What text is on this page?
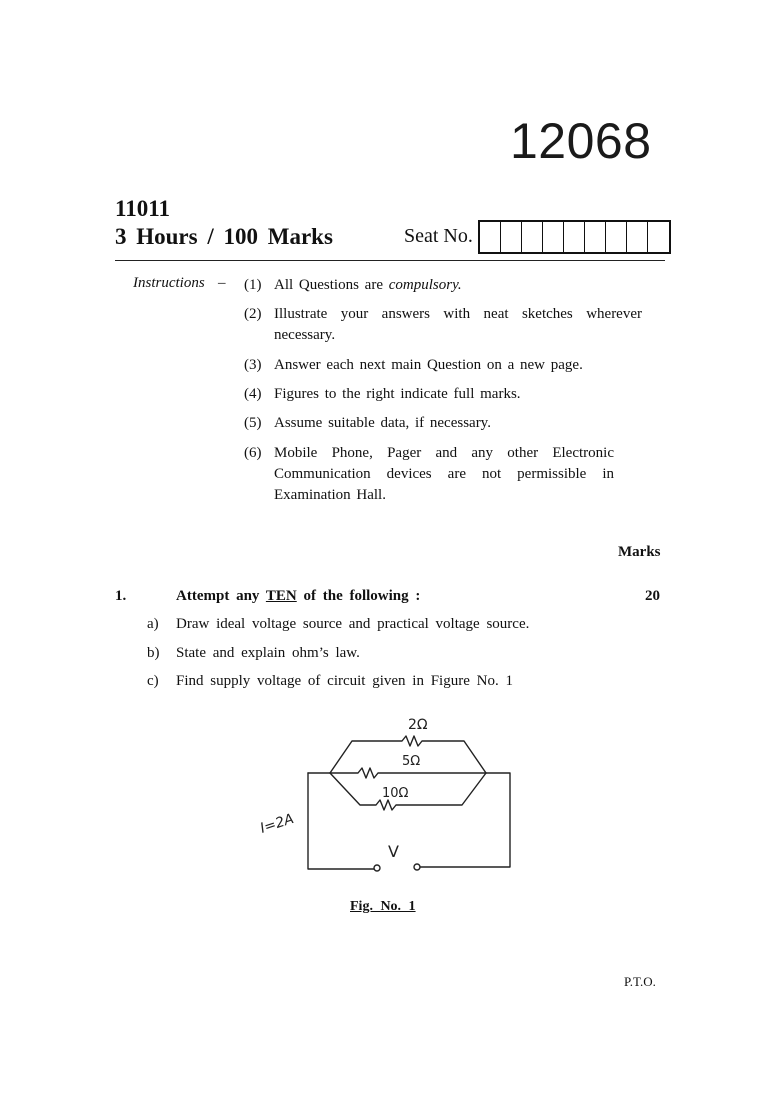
12068
11011
3 Hours / 100 Marks	Seat No.
Instructions – (1) All Questions are compulsory.
(2) Illustrate your answers with neat sketches wherever necessary.
(3) Answer each next main Question on a new page.
(4) Figures to the right indicate full marks.
(5) Assume suitable data, if necessary.
(6) Mobile Phone, Pager and any other Electronic Communication devices are not permissible in Examination Hall.
Marks
1.	Attempt any TEN of the following :	20
a) Draw ideal voltage source and practical voltage source.
b) State and explain ohm’s law.
c) Find supply voltage of circuit given in Figure No. 1
2Ω
5Ω
10Ω
I=2A
V
Fig. No. 1
P.T.O.
